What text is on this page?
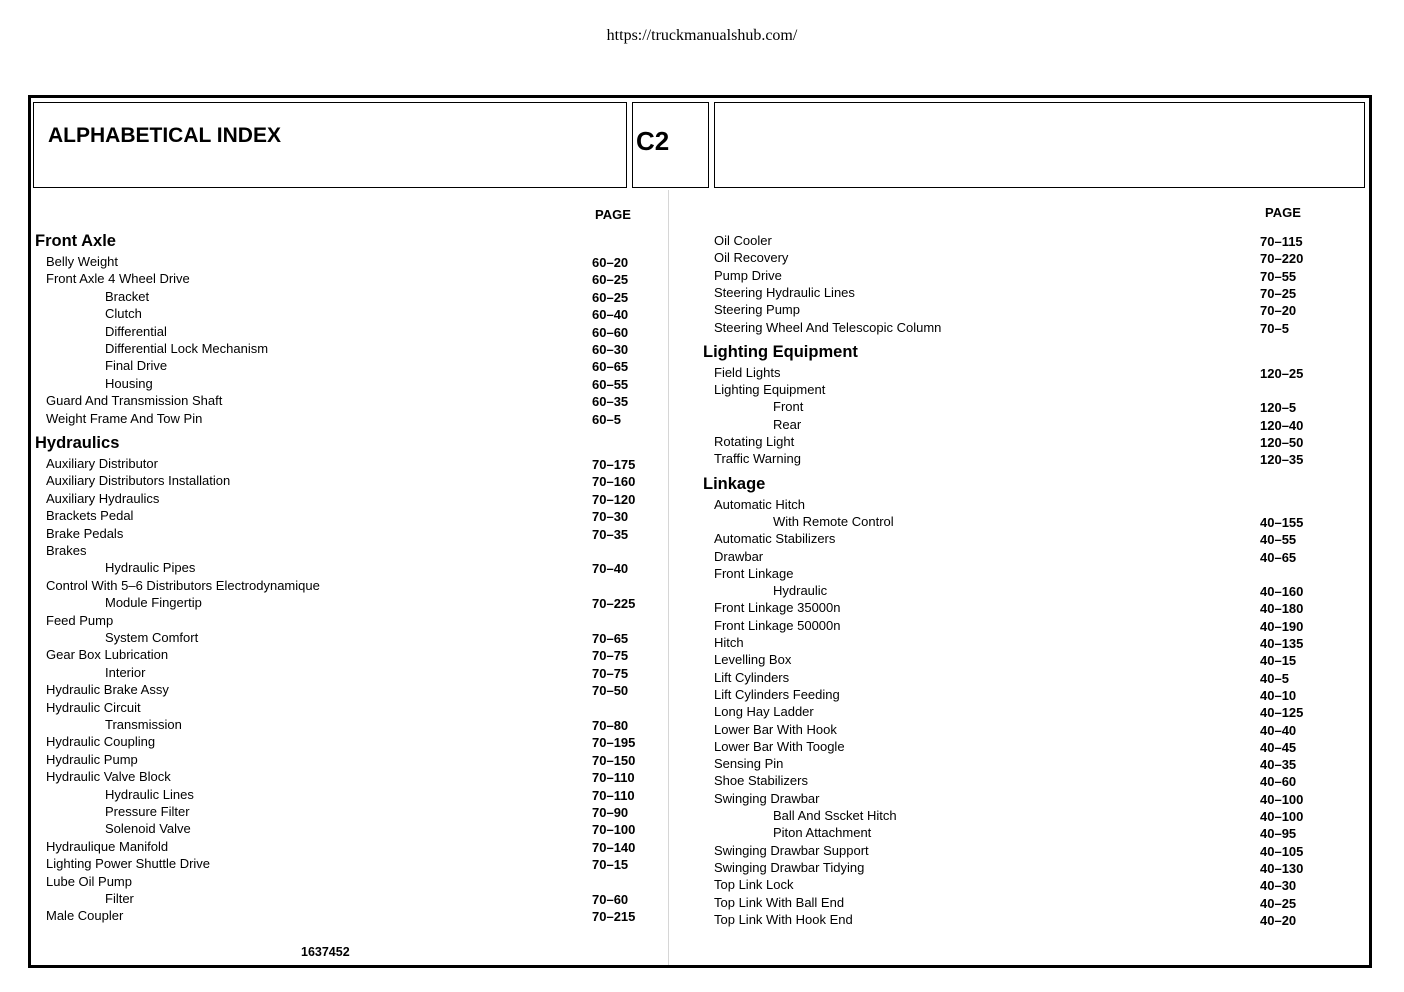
https://truckmanualshub.com/
ALPHABETICAL INDEX	C2
PAGE	PAGE
Front Axle
Belly Weight	60–20
Front Axle 4 Wheel Drive	60–25
Bracket	60–25
Clutch	60–40
Differential	60–60
Differential Lock Mechanism	60–30
Final Drive	60–65
Housing	60–55
Guard And Transmission Shaft	60–35
Weight Frame And Tow Pin	60–5
Hydraulics
Auxiliary Distributor	70–175
Auxiliary Distributors Installation	70–160
Auxiliary Hydraulics	70–120
Brackets Pedal	70–30
Brake Pedals	70–35
Brakes
Hydraulic Pipes	70–40
Control With 5–6 Distributors Electrodynamique
Module Fingertip	70–225
Feed Pump
System Comfort	70–65
Gear Box Lubrication	70–75
Interior	70–75
Hydraulic Brake Assy	70–50
Hydraulic Circuit
Transmission	70–80
Hydraulic Coupling	70–195
Hydraulic Pump	70–150
Hydraulic Valve Block	70–110
Hydraulic Lines	70–110
Pressure Filter	70–90
Solenoid Valve	70–100
Hydraulique Manifold	70–140
Lighting Power Shuttle Drive	70–15
Lube Oil Pump
Filter	70–60
Male Coupler	70–215
Oil Cooler	70–115
Oil Recovery	70–220
Pump Drive	70–55
Steering Hydraulic Lines	70–25
Steering Pump	70–20
Steering Wheel And Telescopic Column	70–5
Lighting Equipment
Field Lights	120–25
Lighting Equipment
Front	120–5
Rear	120–40
Rotating Light	120–50
Traffic Warning	120–35
Linkage
Automatic Hitch
With Remote Control	40–155
Automatic Stabilizers	40–55
Drawbar	40–65
Front Linkage
Hydraulic	40–160
Front Linkage 35000n	40–180
Front Linkage 50000n	40–190
Hitch	40–135
Levelling Box	40–15
Lift Cylinders	40–5
Lift Cylinders Feeding	40–10
Long Hay Ladder	40–125
Lower Bar With Hook	40–40
Lower Bar With Toogle	40–45
Sensing Pin	40–35
Shoe Stabilizers	40–60
Swinging Drawbar	40–100
Ball And Sscket Hitch	40–100
Piton Attachment	40–95
Swinging Drawbar Support	40–105
Swinging Drawbar Tidying	40–130
Top Link Lock	40–30
Top Link With Ball End	40–25
Top Link With Hook End	40–20
1637452
